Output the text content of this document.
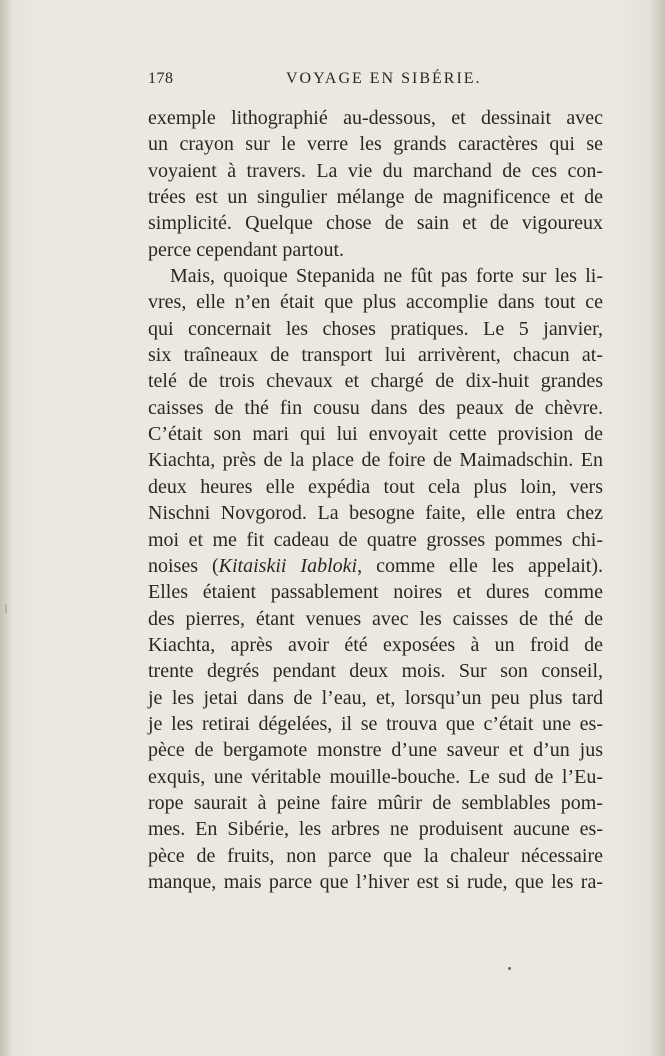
178	VOYAGE EN SIBÉRIE.
exemple lithographié au-dessous, et dessinait avec
un crayon sur le verre les grands caractères qui se
voyaient à travers. La vie du marchand de ces con-
trées est un singulier mélange de magnificence et de
simplicité. Quelque chose de sain et de vigoureux
perce cependant partout.
Mais, quoique Stepanida ne fût pas forte sur les li-
vres, elle n’en était que plus accomplie dans tout ce
qui concernait les choses pratiques. Le 5 janvier,
six traîneaux de transport lui arrivèrent, chacun at-
telé de trois chevaux et chargé de dix-huit grandes
caisses de thé fin cousu dans des peaux de chèvre.
C’était son mari qui lui envoyait cette provision de
Kiachta, près de la place de foire de Maimadschin. En
deux heures elle expédia tout cela plus loin, vers
Nischni Novgorod. La besogne faite, elle entra chez
moi et me fit cadeau de quatre grosses pommes chi-
noises (Kitaiskii Iabloki, comme elle les appelait).
Elles étaient passablement noires et dures comme
des pierres, étant venues avec les caisses de thé de
Kiachta, après avoir été exposées à un froid de
trente degrés pendant deux mois. Sur son conseil,
je les jetai dans de l’eau, et, lorsqu’un peu plus tard
je les retirai dégelées, il se trouva que c’était une es-
pèce de bergamote monstre d’une saveur et d’un jus
exquis, une véritable mouille-bouche. Le sud de l’Eu-
rope saurait à peine faire mûrir de semblables pom-
mes. En Sibérie, les arbres ne produisent aucune es-
pèce de fruits, non parce que la chaleur nécessaire
manque, mais parce que l’hiver est si rude, que les ra-
